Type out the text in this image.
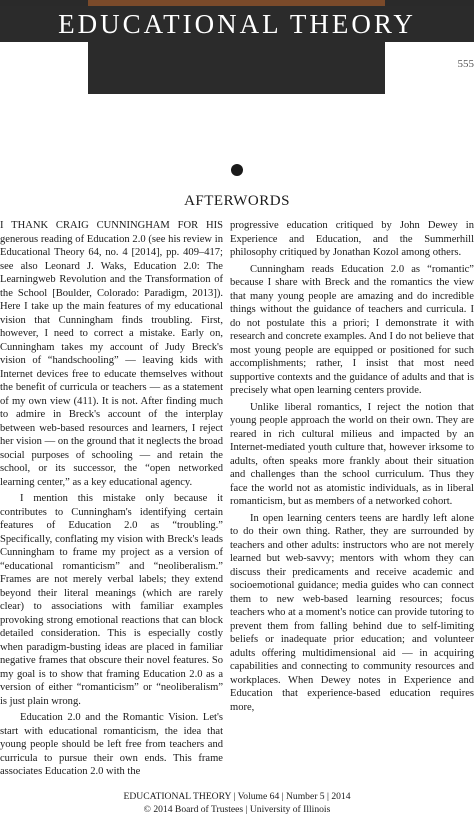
EDUCATIONAL THEORY
555
AFTERWORDS

I THANK CRAIG CUNNINGHAM FOR HIS generous reading of Education 2.0 (see his review in Educational Theory 64, no. 4 [2014], pp. 409–417; see also Leonard J. Waks, Education 2.0: The Learningweb Revolution and the Transformation of the School [Boulder, Colorado: Paradigm, 2013]). Here I take up the main features of my educational vision that Cunningham finds troubling. First, however, I need to correct a mistake. Early on, Cunningham takes my account of Judy Breck's vision of “handschooling” — leaving kids with Internet devices free to educate themselves without the benefit of curricula or teachers — as a statement of my own view (411). It is not. After finding much to admire in Breck's account of the interplay between web-based resources and learners, I reject her vision — on the ground that it neglects the broad social purposes of schooling — and retain the school, or its successor, the “open networked learning center,” as a key educational agency.

I mention this mistake only because it contributes to Cunningham's identifying certain features of Education 2.0 as “troubling.” Specifically, conflating my vision with Breck's leads Cunningham to frame my project as a version of “educational romanticism” and “neoliberalism.” Frames are not merely verbal labels; they extend beyond their literal meanings (which are rarely clear) to associations with familiar examples provoking strong emotional reactions that can block detailed consideration. This is especially costly when paradigm-busting ideas are placed in familiar negative frames that obscure their novel features. So my goal is to show that framing Education 2.0 as a version of either “romanticism” or “neoliberalism” is just plain wrong.

Education 2.0 and the Romantic Vision. Let's start with educational romanticism, the idea that young people should be left free from teachers and curricula to pursue their own ends. This frame associates Education 2.0 with the

progressive education critiqued by John Dewey in Experience and Education, and the Summerhill philosophy critiqued by Jonathan Kozol among others.

Cunningham reads Education 2.0 as “romantic” because I share with Breck and the romantics the view that many young people are amazing and do incredible things without the guidance of teachers and curricula. I do not postulate this a priori; I demonstrate it with research and concrete examples. And I do not believe that most young people are equipped or positioned for such accomplishments; rather, I insist that most need supportive contexts and the guidance of adults and that is precisely what open learning centers provide.

Unlike liberal romantics, I reject the notion that young people approach the world on their own. They are reared in rich cultural milieus and impacted by an Internet-mediated youth culture that, however irksome to adults, often speaks more frankly about their situation and challenges than the school curriculum. Thus they face the world not as atomistic individuals, as in liberal romanticism, but as members of a networked cohort.

In open learning centers teens are hardly left alone to do their own thing. Rather, they are surrounded by teachers and other adults: instructors who are not merely learned but web-savvy; mentors with whom they can discuss their predicaments and receive academic and socioemotional guidance; media guides who can connect them to new web-based learning resources; focus teachers who at a moment's notice can provide tutoring to prevent them from falling behind due to self-limiting beliefs or inadequate prior education; and volunteer adults offering multidimensional aid — in acquiring capabilities and connecting to community resources and workplaces. When Dewey notes in Experience and Education that experience-based education requires more,

EDUCATIONAL THEORY | Volume 64 | Number 5 | 2014
© 2014 Board of Trustees | University of Illinois
